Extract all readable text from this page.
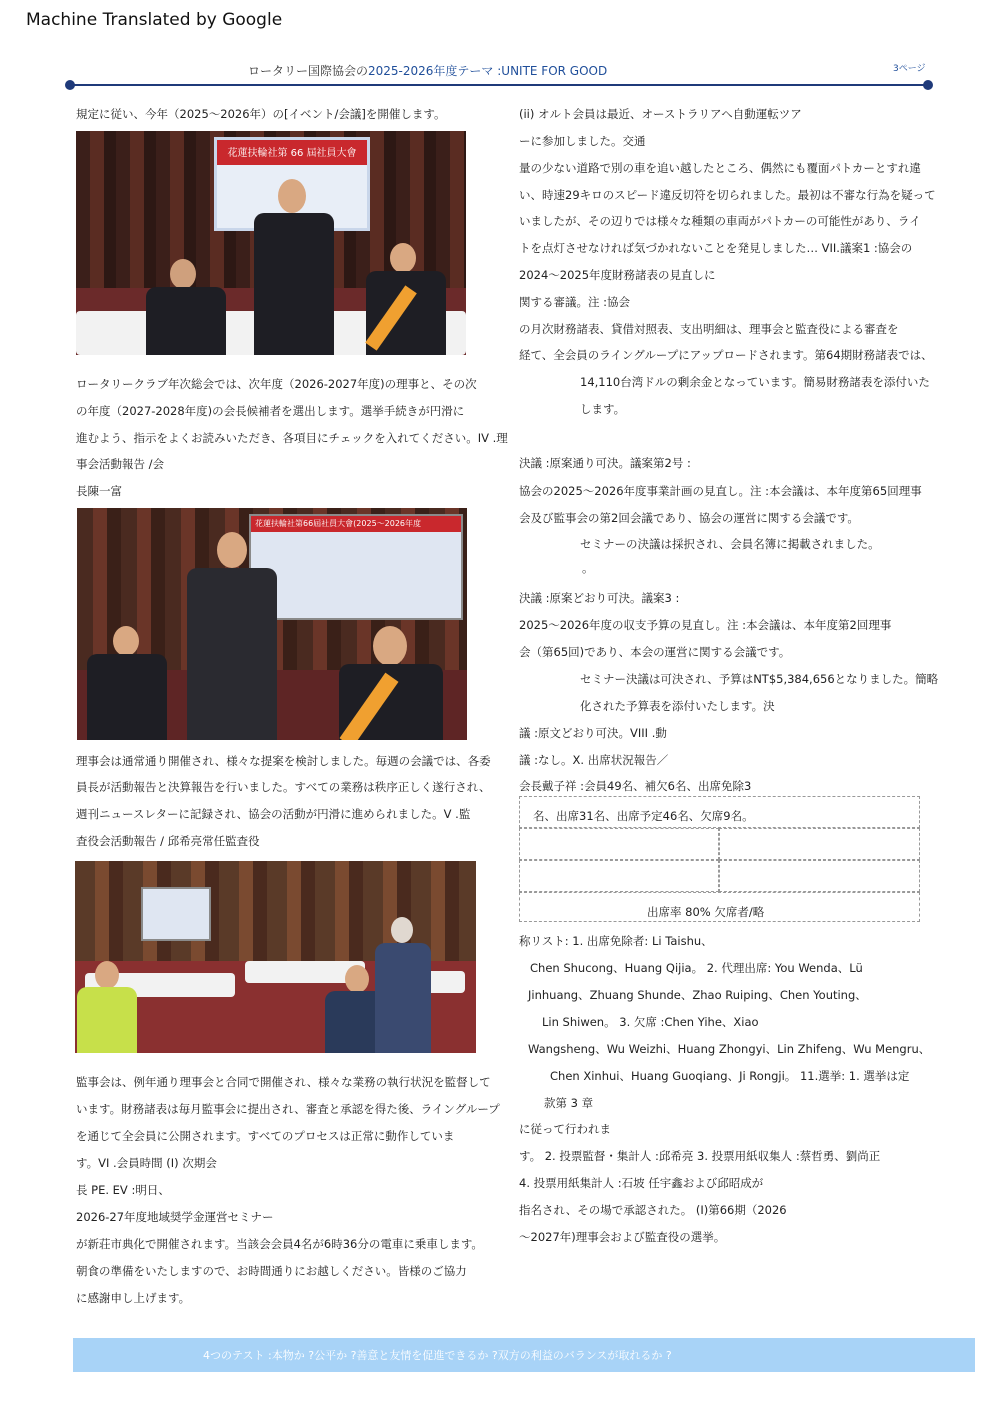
Machine Translated by Google
ロータリー国際協会の2025-2026年度テーマ :UNITE FOR GOOD	3ページ
規定に従い、今年（2025～2026年）の[イベント/会議]を開催します。
花蓮扶輪社第 66 屆社員大會
ロータリークラブ年次総会では、次年度（2026-2027年度)の理事と、その次
の年度（2027-2028年度)の会長候補者を選出します。選挙手続きが円滑に
進むよう、指示をよくお読みいただき、各項目にチェックを入れてください。IV .理
事会活動報告 /会
長陳一富
花蓮扶輪社第66屆社員大會(2025～2026年度
理事会は通常通り開催され、様々な提案を検討しました。毎週の会議では、各委
員長が活動報告と決算報告を行いました。すべての業務は秩序正しく遂行され、
週刊ニュースレターに記録され、協会の活動が円滑に進められました。V .監
査役会活動報告 / 邱希亮常任監査役
監事会は、例年通り理事会と合同で開催され、様々な業務の執行状況を監督して
います。財務諸表は毎月監事会に提出され、審査と承認を得た後、ライングループ
を通じて全会員に公開されます。すべてのプロセスは正常に動作していま
す。VI .会員時間 (I) 次期会
長 PE. EV :明日、
2026-27年度地域奨学金運営セミナー
が新荘市典化で開催されます。当該会会員4名が6時36分の電車に乗車します。
朝食の準備をいたしますので、お時間通りにお越しください。皆様のご協力
に感謝申し上げます。
(ii) オルト会員は最近、オーストラリアへ自動運転ツア
ーに参加しました。交通
量の少ない道路で別の車を追い越したところ、偶然にも覆面パトカーとすれ違
い、時速29キロのスピード違反切符を切られました。最初は不審な行為を疑って
いましたが、その辺りでは様々な種類の車両がパトカーの可能性があり、ライ
トを点灯させなければ気づかれないことを発見しました… VII.議案1 :協会の
2024～2025年度財務諸表の見直しに
関する審議。注 :協会
の月次財務諸表、貸借対照表、支出明細は、理事会と監査役による審査を
経て、全会員のライングループにアップロードされます。第64期財務諸表では、
14,110台湾ドルの剰余金となっています。簡易財務諸表を添付いた
します。
決議 :原案通り可決。議案第2号 :
協会の2025～2026年度事業計画の見直し。注 :本会議は、本年度第65回理事
会及び監事会の第2回会議であり、協会の運営に関する会議です。
セミナーの決議は採択され、会員名簿に掲載されました。
。
決議 :原案どおり可決。議案3 :
2025～2026年度の収支予算の見直し。注 :本会議は、本年度第2回理事
会（第65回)であり、本会の運営に関する会議です。
セミナー決議は可決され、予算はNT$5,384,656となりました。簡略
化された予算表を添付いたします。決
議 :原文どおり可決。VIII .動
議 :なし。X. 出席状況報告／
会長戴子祥 :会員49名、補欠6名、出席免除3
名、出席31名、出席予定46名、欠席9名。
出席率 80% 欠席者/略
称リスト: 1. 出席免除者: Li Taishu、
Chen Shucong、Huang Qijia。 2. 代理出席: You Wenda、Lü
Jinhuang、Zhuang Shunde、Zhao Ruiping、Chen Youting、
Lin Shiwen。 3. 欠席 :Chen Yihe、Xiao
Wangsheng、Wu Weizhi、Huang Zhongyi、Lin Zhifeng、Wu Mengru、
Chen Xinhui、Huang Guoqiang、Ji Rongji。 11.選挙: 1. 選挙は定
款第 3 章
に従って行われま
す。 2. 投票監督・集計人 :邱希亮 3. 投票用紙収集人 :蔡哲勇、劉尚正
4. 投票用紙集計人 :石坡 任宇鑫および邱昭成が
指名され、その場で承認された。 (I)第66期（2026
～2027年)理事会および監査役の選挙。
4つのテスト :本物か ?公平か ?善意と友情を促進できるか ?双方の利益のバランスが取れるか ?
